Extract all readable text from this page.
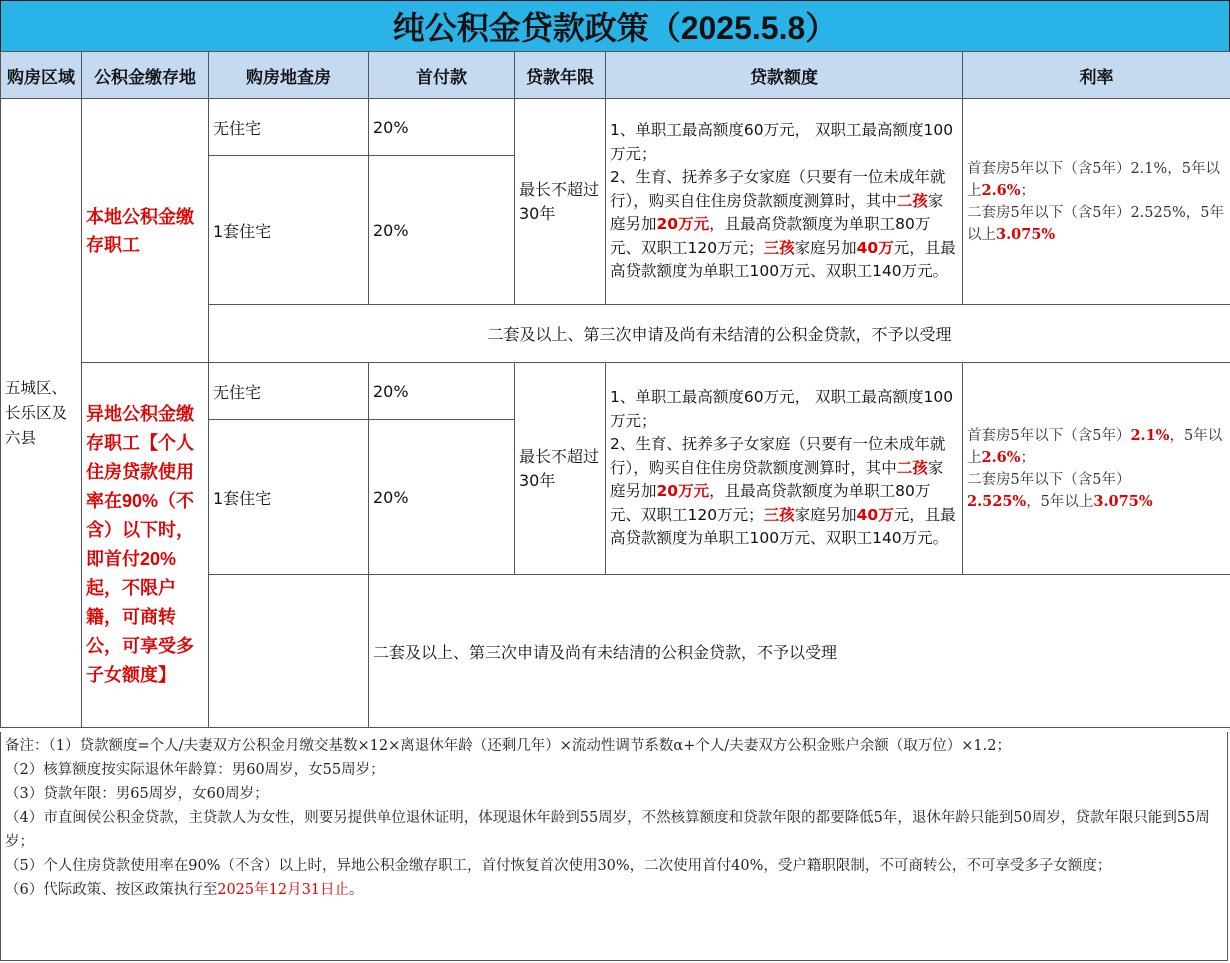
纯公积金贷款政策（2025.5.8）
购房区域	公积金缴存地	购房地查房	首付款	贷款年限	贷款额度	利率
五城区、长乐区及六县	本地公积金缴存职工	无住宅	20%	最长不超过30年	1、单职工最高额度60万元， 双职工最高额度100万元；
2、生育、抚养多子女家庭（只要有一位未成年就行），购买自住住房贷款额度测算时，其中二孩家庭另加20万元，且最高贷款额度为单职工80万元、双职工120万元；三孩家庭另加40万元，且最高贷款额度为单职工100万元、双职工140万元。	首套房5年以下（含5年）2.1%，5年以上2.6%；
二套房5年以下（含5年）2.525%，5年以上3.075%
		1套住宅	20%			
		二套及以上、第三次申请及尚有未结清的公积金贷款，不予以受理				
	异地公积金缴存职工【个人住房贷款使用率在90%（不含）以下时，即首付20%起，不限户籍，可商转公，可享受多子女额度】	无住宅	20%	最长不超过30年	1、单职工最高额度60万元， 双职工最高额度100万元；
2、生育、抚养多子女家庭（只要有一位未成年就行），购买自住住房贷款额度测算时，其中二孩家庭另加20万元，且最高贷款额度为单职工80万元、双职工120万元；三孩家庭另加40万元，且最高贷款额度为单职工100万元、双职工140万元。	首套房5年以下（含5年）2.1%，5年以上2.6%；
二套房5年以下（含5年）
2.525%，5年以上3.075%
		1套住宅	20%			
			二套及以上、第三次申请及尚有未结清的公积金贷款，不予以受理			

备注：（1）贷款额度=个人/夫妻双方公积金月缴交基数×12×离退休年龄（还剩几年）×流动性调节系数α+个人/夫妻双方公积金账户余额（取万位）×1.2；

（2）核算额度按实际退休年龄算：男60周岁，女55周岁；

（3）贷款年限：男65周岁，女60周岁；

（4）市直闽侯公积金贷款，主贷款人为女性，则要另提供单位退休证明，体现退休年龄到55周岁，不然核算额度和贷款年限的都要降低5年，退休年龄只能到50周岁，贷款年限只能到55周岁；

（5）个人住房贷款使用率在90%（不含）以上时，异地公积金缴存职工，首付恢复首次使用30%，二次使用首付40%，受户籍职限制，不可商转公，不可享受多子女额度；

（6）代际政策、按区政策执行至2025年12月31日止。
